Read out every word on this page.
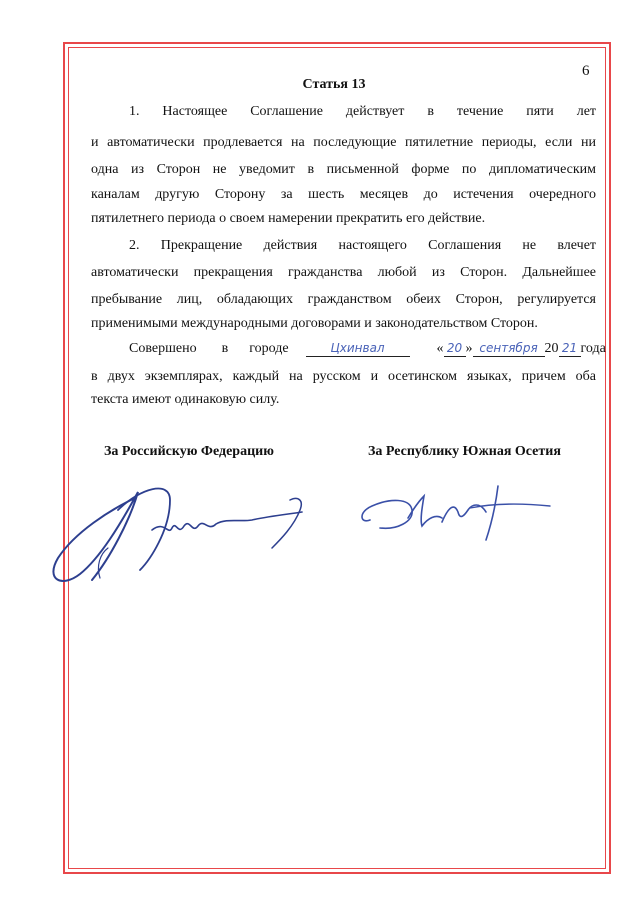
6
Статья 13
1. Настоящее Соглашение действует в течение пяти лет
и автоматически продлевается на последующие пятилетние периоды, если ни
одна из Сторон не уведомит в письменной форме по дипломатическим
каналам другую Сторону за шесть месяцев до истечения очередного
пятилетнего периода о своем намерении прекратить его действие.
2. Прекращение действия настоящего Соглашения не влечет
автоматически прекращения гражданства любой из Сторон. Дальнейшее
пребывание лиц, обладающих гражданством обеих Сторон, регулируется
применимыми международными договорами и законодательством Сторон.
Совершено в городе	Цхинвал	« 20 » сентября 20 21 года
в двух экземплярах, каждый на русском и осетинском языках, причем оба
текста имеют одинаковую силу.
За Российскую Федерацию	За Республику Южная Осетия
